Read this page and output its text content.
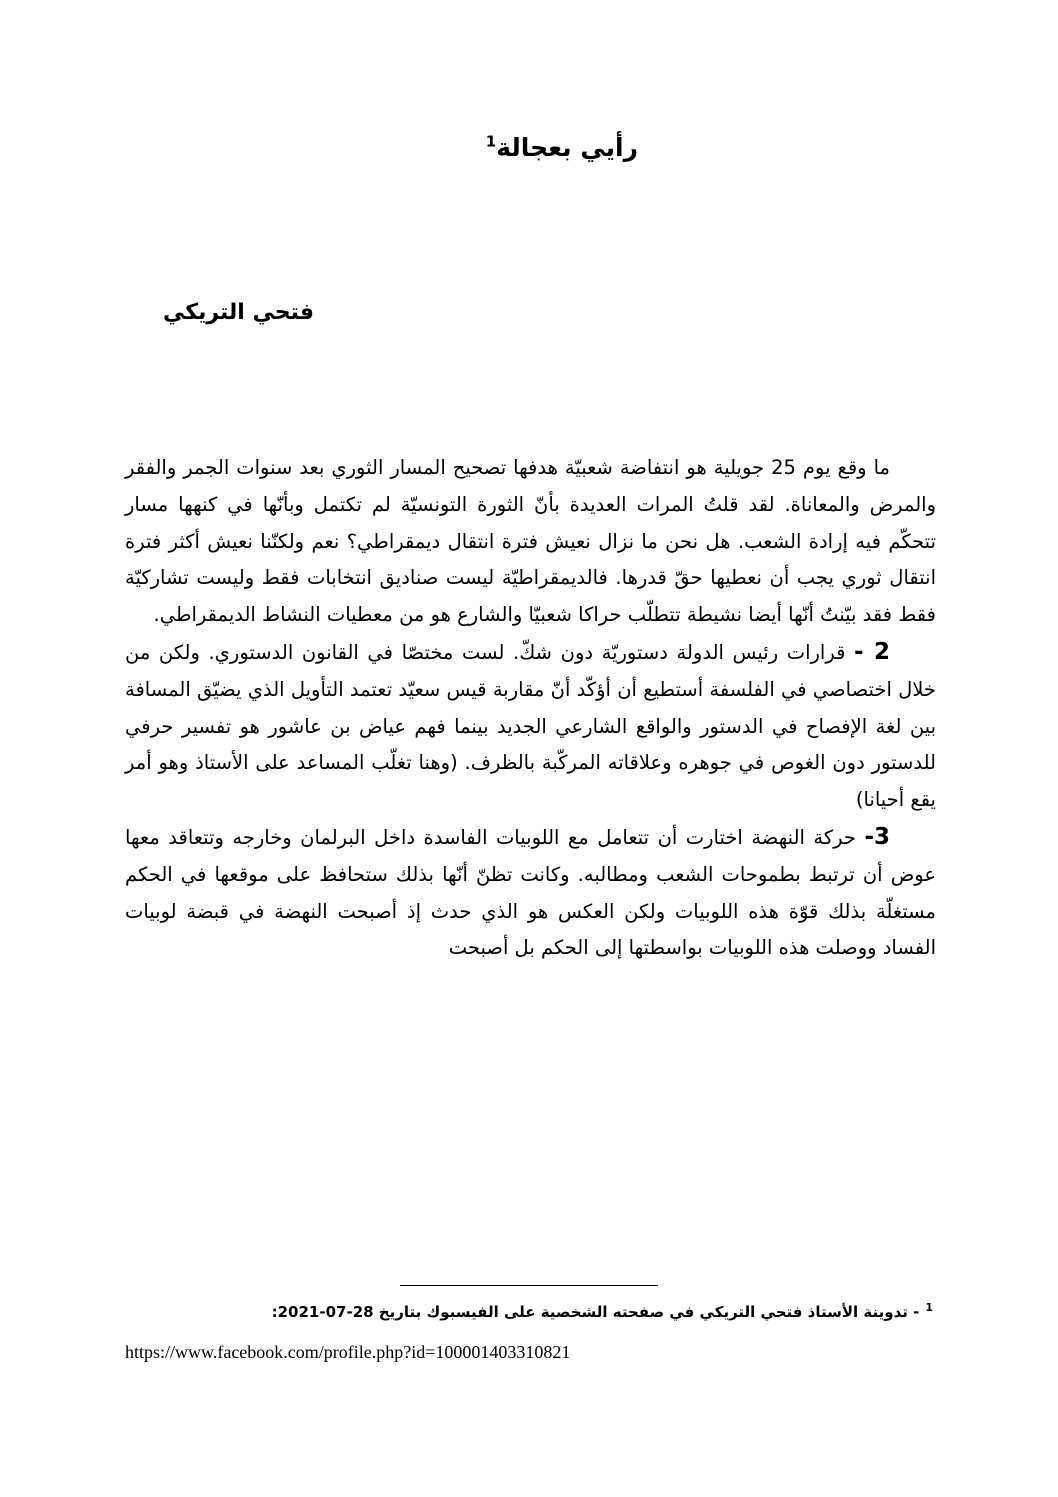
رأيي بعجالة$^1$
فتحي التريكي

ما وقع يوم 25 جويلية هو انتفاضة شعبيّة هدفها تصحيح المسار الثوري بعد سنوات الجمر والفقر والمرض والمعاناة. لقد قلتُ المرات العديدة بأنّ الثورة التونسيّة لم تكتمل وبأنّها في كنهها مسار تتحكّم فيه إرادة الشعب. هل نحن ما نزال نعيش فترة انتقال ديمقراطي؟ نعم ولكنّنا نعيش أكثر فترة انتقال ثوري يجب أن نعطيها حقّ قدرها. فالديمقراطيّة ليست صناديق انتخابات فقط وليست تشاركيّة فقط فقد بيّنتُ أنّها أيضا نشيطة تتطلّب حراكا شعبيّا والشارع هو من معطيات النشاط الديمقراطي.

2 - قرارات رئيس الدولة دستوريّة دون شكّ. لست مختصّا في القانون الدستوري. ولكن من خلال اختصاصي في الفلسفة أستطيع أن أؤكّد أنّ مقاربة قيس سعيّد تعتمد التأويل الذي يضيّق المسافة بين لغة الإفصاح في الدستور والواقع الشارعي الجديد بينما فهم عياض بن عاشور هو تفسير حرفي للدستور دون الغوص في جوهره وعلاقاته المركّبة بالظرف. (وهنا تغلّب المساعد على الأستاذ وهو أمر يقع أحيانا)

3- حركة النهضة اختارت أن تتعامل مع اللوبيات الفاسدة داخل البرلمان وخارجه وتتعاقد معها عوض أن ترتبط بطموحات الشعب ومطالبه. وكانت تظنّ أنّها بذلك ستحافظ على موقعها في الحكم مستغلّة بذلك قوّة هذه اللوبيات ولكن العكس هو الذي حدث إذ أصبحت النهضة في قبضة لوبيات الفساد ووصلت هذه اللوبيات بواسطتها إلى الحكم بل أصبحت

$^1$- تدوينة الأستاذ فتحي التريكي في صفحته الشخصية على الفيسبوك بتاريخ 28-07-2021:

https://www.facebook.com/profile.php?id=100001403310821
